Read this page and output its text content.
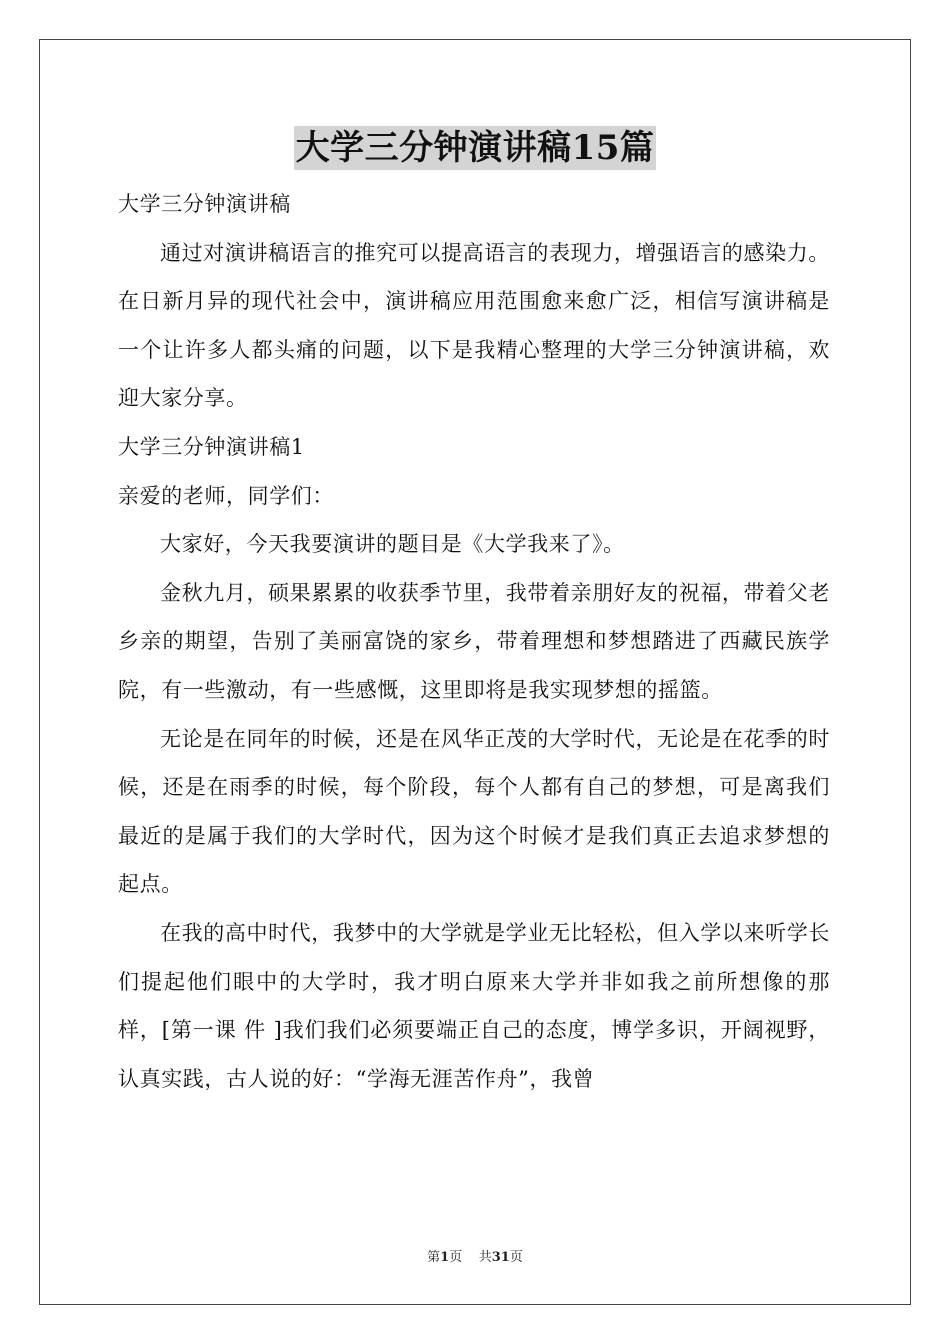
大学三分钟演讲稿15篇

大学三分钟演讲稿

通过对演讲稿语言的推究可以提高语言的表现力，增强语言的感染力。在日新月异的现代社会中，演讲稿应用范围愈来愈广泛，相信写演讲稿是一个让许多人都头痛的问题，以下是我精心整理的大学三分钟演讲稿，欢迎大家分享。

大学三分钟演讲稿1

亲爱的老师，同学们：

大家好，今天我要演讲的题目是《大学我来了》。

金秋九月，硕果累累的收获季节里，我带着亲朋好友的祝福，带着父老乡亲的期望，告别了美丽富饶的家乡，带着理想和梦想踏进了西藏民族学院，有一些激动，有一些感慨，这里即将是我实现梦想的摇篮。

无论是在同年的时候，还是在风华正茂的大学时代，无论是在花季的时候，还是在雨季的时候，每个阶段，每个人都有自己的梦想，可是离我们最近的是属于我们的大学时代，因为这个时候才是我们真正去追求梦想的起点。

在我的高中时代，我梦中的大学就是学业无比轻松，但入学以来听学长们提起他们眼中的大学时，我才明白原来大学并非如我之前所想像的那样，[第一课 件 ]我们我们必须要端正自己的态度，博学多识，开阔视野，认真实践，古人说的好：“学海无涯苦作舟”，我曾

第1页 共31页
